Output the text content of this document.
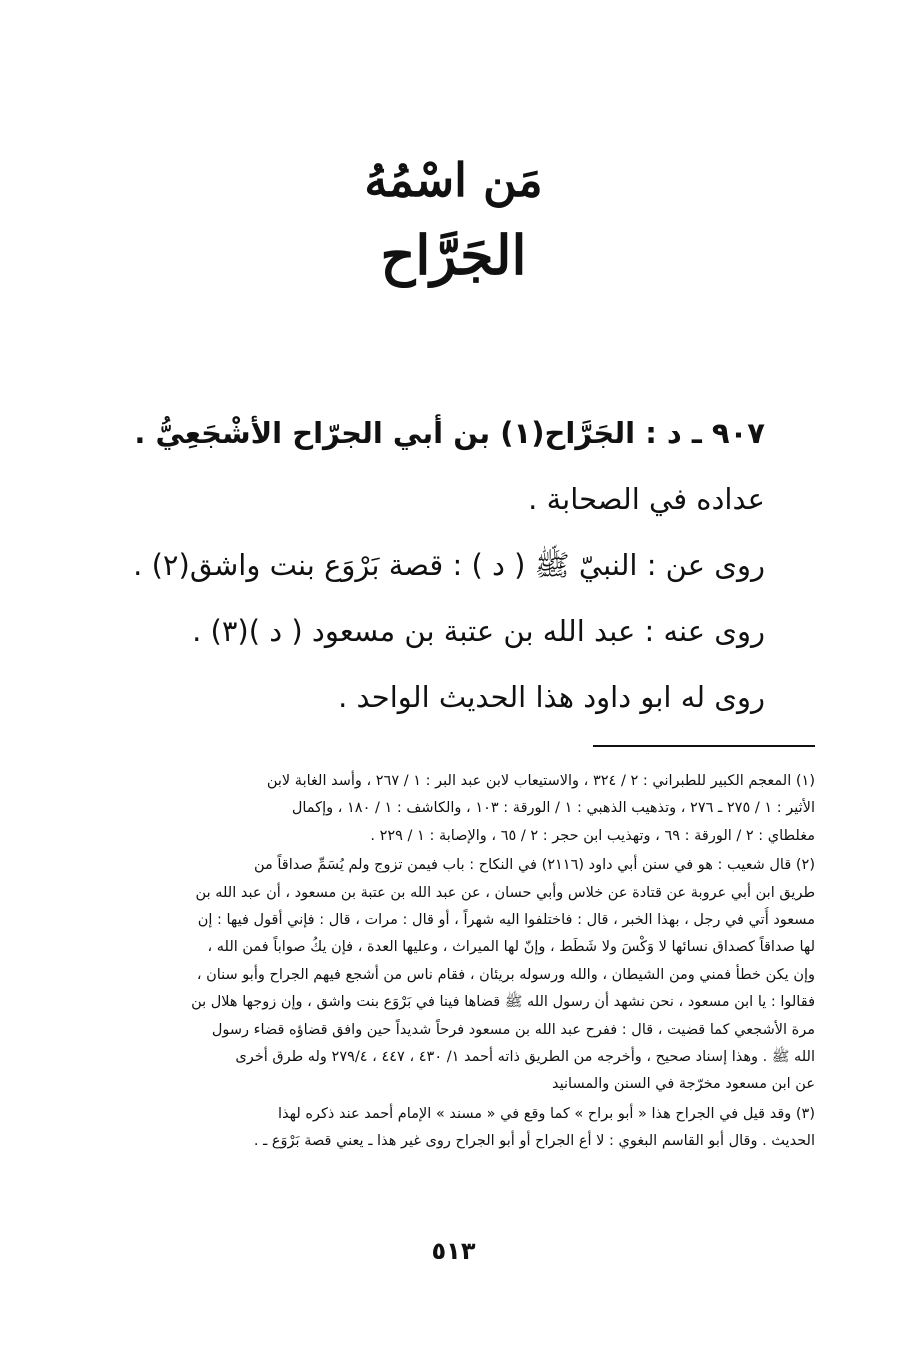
مَن اسْمُهُ
الجَرَّاح
٩٠٧ ـ د : الجَرَّاح(١) بن أبي الجرّاح الأشْجَعِيُّ .
عداده في الصحابة .
روى عن : النبيّ ﷺ ( د ) : قصة بَرْوَع بنت واشق(٢) .
روى عنه : عبد الله بن عتبة بن مسعود ( د )(٣) .
روى له ابو داود هذا الحديث الواحد .
(١) المعجم الكبير للطبراني : ٢ / ٣٢٤ ، والاستيعاب لابن عبد البر : ١ / ٢٦٧ ، وأسد الغابة لابن
الأثير : ١ / ٢٧٥ ـ ٢٧٦ ، وتذهيب الذهبي : ١ / الورقة : ١٠٣ ، والكاشف : ١ / ١٨٠ ، وإكمال
مغلطاي : ٢ / الورقة : ٦٩ ، وتهذيب ابن حجر : ٢ / ٦٥ ، والإصابة : ١ / ٢٢٩ .
(٢) قال شعيب : هو في سنن أبي داود (٢١١٦) في النكاح : باب فيمن تزوج ولم يُسَمِّ صداقاً من
طريق ابن أبي عروبة عن قتادة عن خلاس وأبي حسان ، عن عبد الله بن عتبة بن مسعود ، أن عبد الله بن
مسعود أُتي في رجل ، بهذا الخبر ، قال : فاختلفوا اليه شهراً ، أو قال : مرات ، قال : فإني أقول فيها : إن
لها صداقاً كصداق نسائها لا وَكْسَ ولا شَطَط ، وإنّ لها الميراث ، وعليها العدة ، فإن يكُ صواباً فمن الله ،
وإن يكن خطأ فمني ومن الشيطان ، والله ورسوله بريئان ، فقام ناس من أشجع فيهم الجراح وأبو سنان ،
فقالوا : يا ابن مسعود ، نحن نشهد أن رسول الله ﷺ قضاها فينا في بَرْوَع بنت واشق ، وإن زوجها هلال بن
مرة الأشجعي كما قضيت ، قال : ففرح عبد الله بن مسعود فرحاً شديداً حين وافق قضاؤه قضاء رسول
الله ﷺ . وهذا إسناد صحيح ، وأخرجه من الطريق ذاته أحمد ١/ ٤٣٠ ، ٤٤٧ ، ٢٧٩/٤ وله طرق أخرى
عن ابن مسعود مخرّجة في السنن والمسانيد
(٣) وقد قيل في الجراح هذا « أبو براح » كما وقع في « مسند » الإمام أحمد عند ذكره لهذا
الحديث . وقال أبو القاسم البغوي : لا أع الجراح أو أبو الجراح روى غير هذا ـ يعني قصة بَرْوَع ـ .
٥١٣
